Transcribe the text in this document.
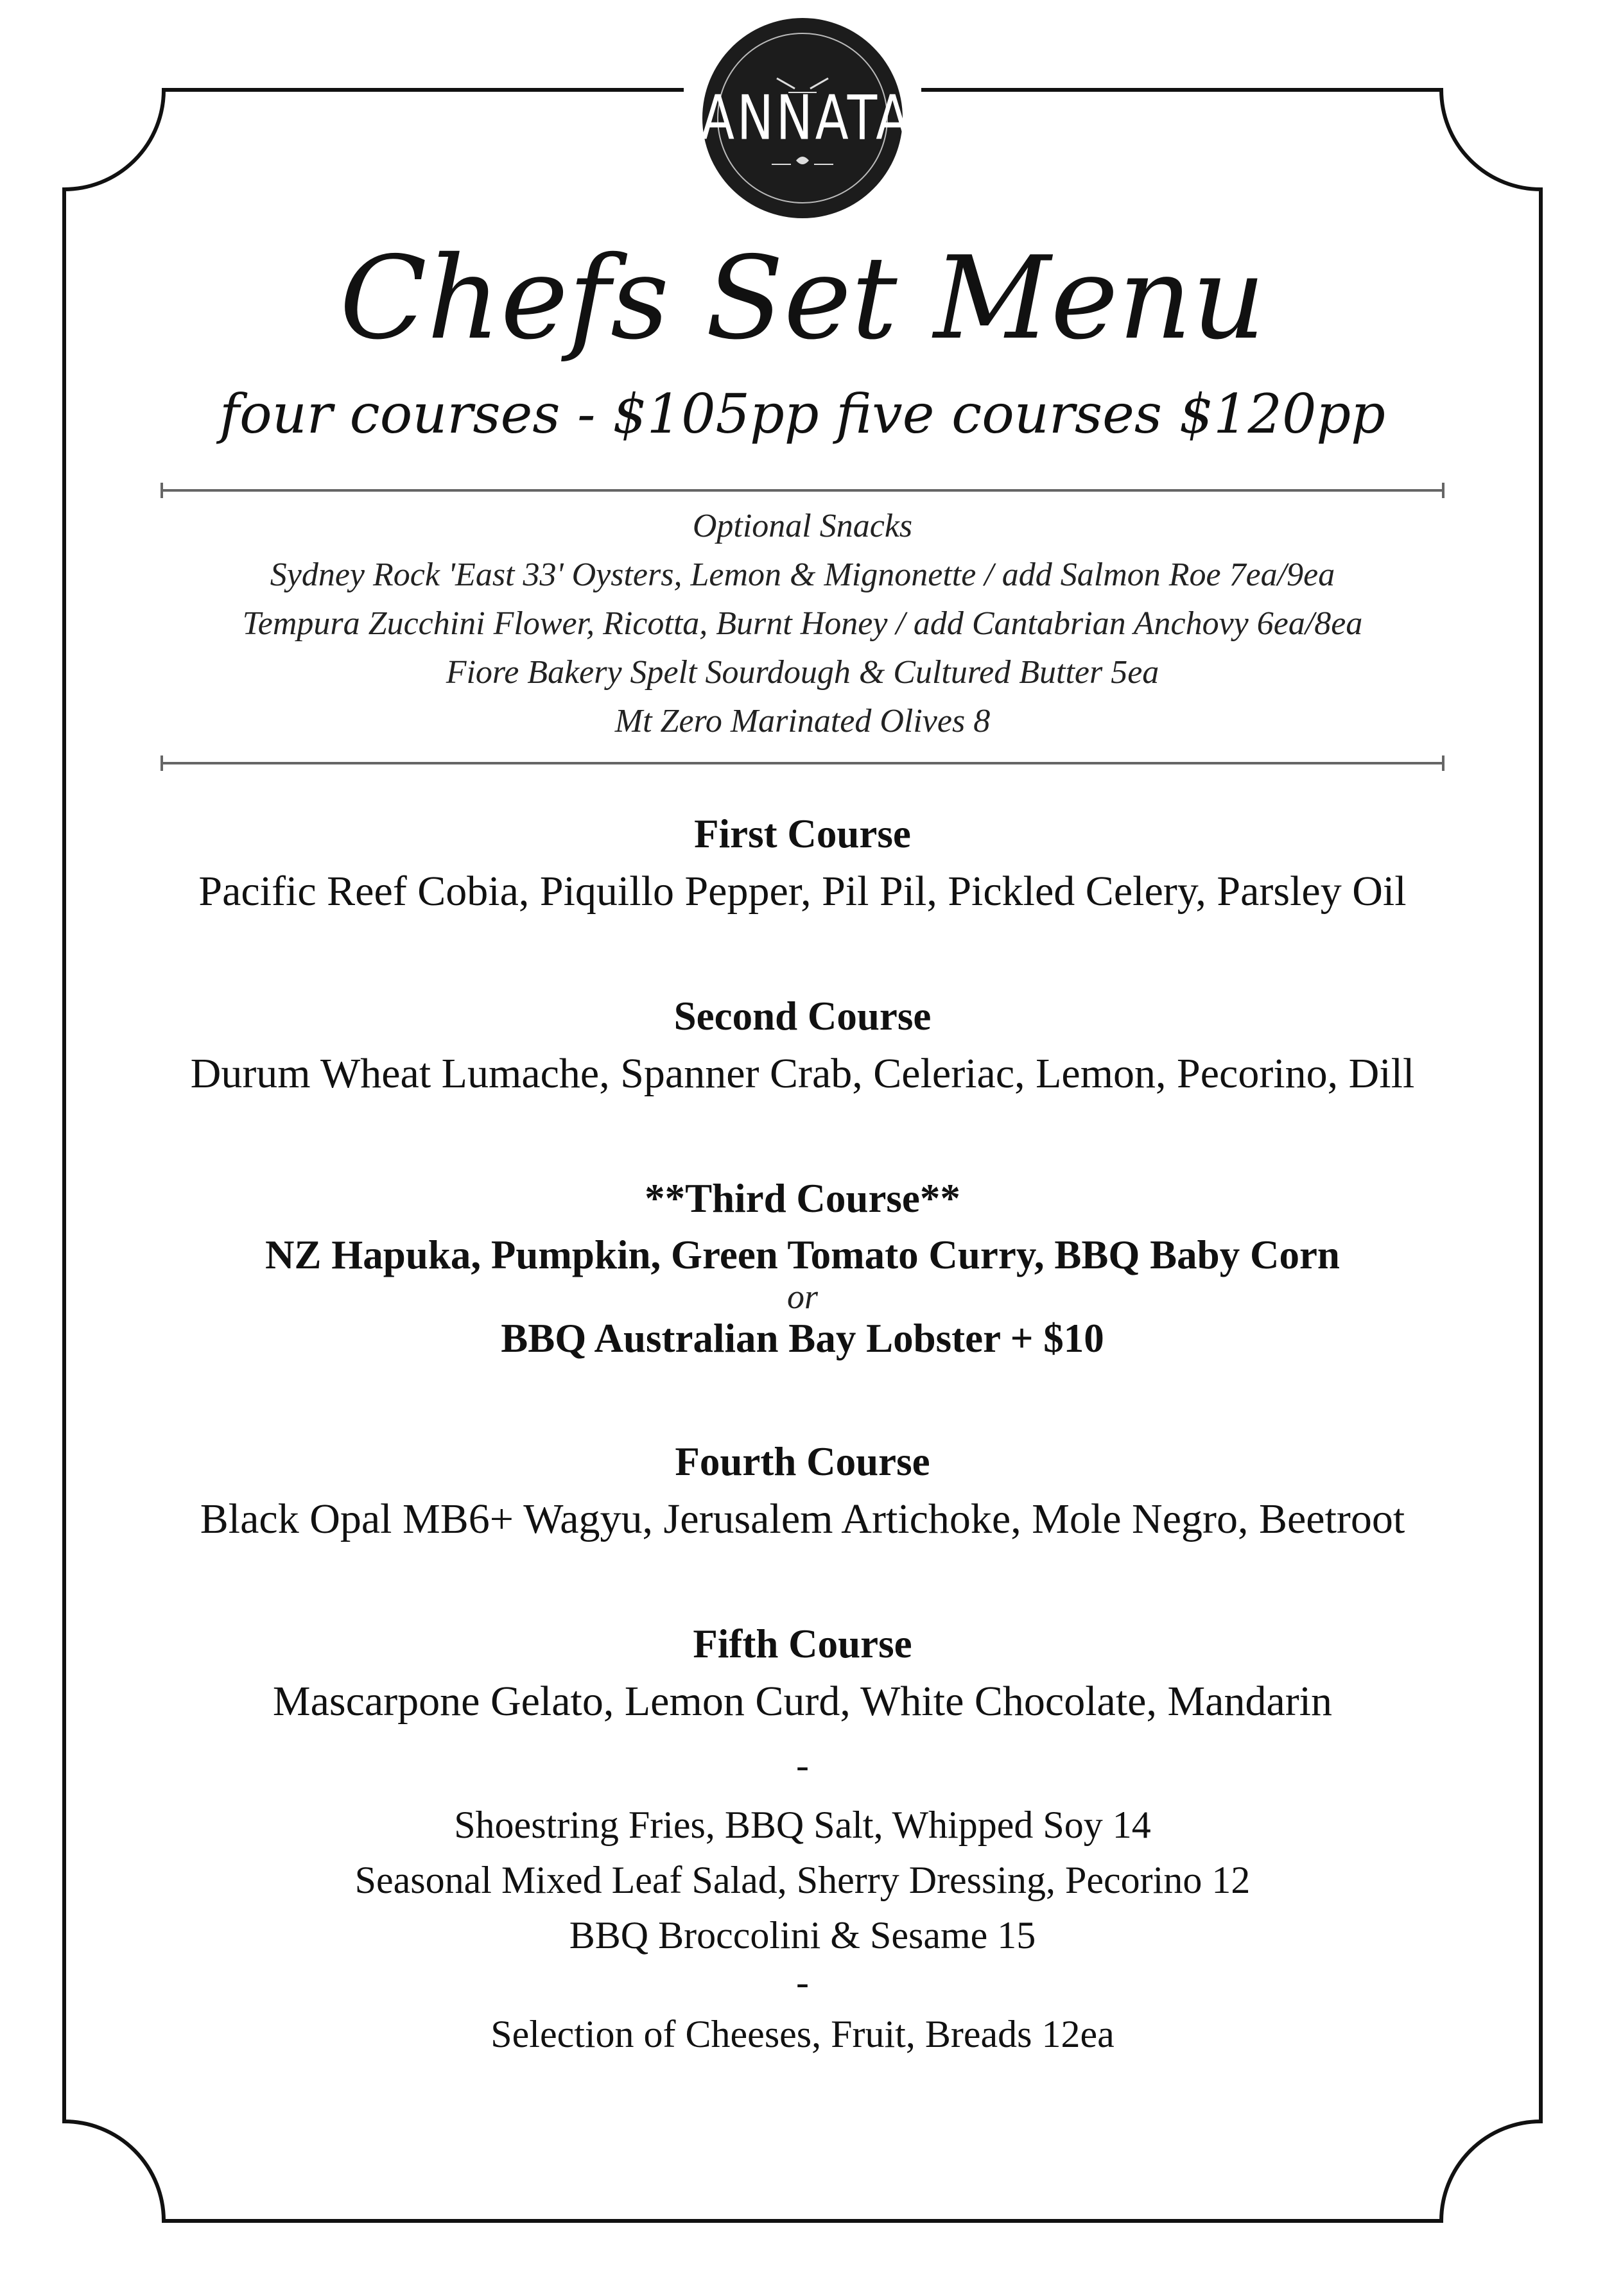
ANNATA
Chefs Set Menu
four courses - $105pp five courses $120pp
Optional Snacks
Sydney Rock 'East 33' Oysters, Lemon & Mignonette / add Salmon Roe 7ea/9ea
Tempura Zucchini Flower, Ricotta, Burnt Honey / add Cantabrian Anchovy 6ea/8ea
Fiore Bakery Spelt Sourdough & Cultured Butter 5ea
Mt Zero Marinated Olives 8
First Course
Pacific Reef Cobia, Piquillo Pepper, Pil Pil, Pickled Celery, Parsley Oil
Second Course
Durum Wheat Lumache, Spanner Crab, Celeriac, Lemon, Pecorino, Dill
**Third Course**
NZ Hapuka, Pumpkin, Green Tomato Curry, BBQ Baby Corn
or
BBQ Australian Bay Lobster + $10
Fourth Course
Black Opal MB6+ Wagyu, Jerusalem Artichoke, Mole Negro, Beetroot
Fifth Course
Mascarpone Gelato, Lemon Curd, White Chocolate, Mandarin
-
Shoestring Fries, BBQ Salt, Whipped Soy 14
Seasonal Mixed Leaf Salad, Sherry Dressing, Pecorino 12
BBQ Broccolini & Sesame 15
-
Selection of Cheeses, Fruit, Breads 12ea
